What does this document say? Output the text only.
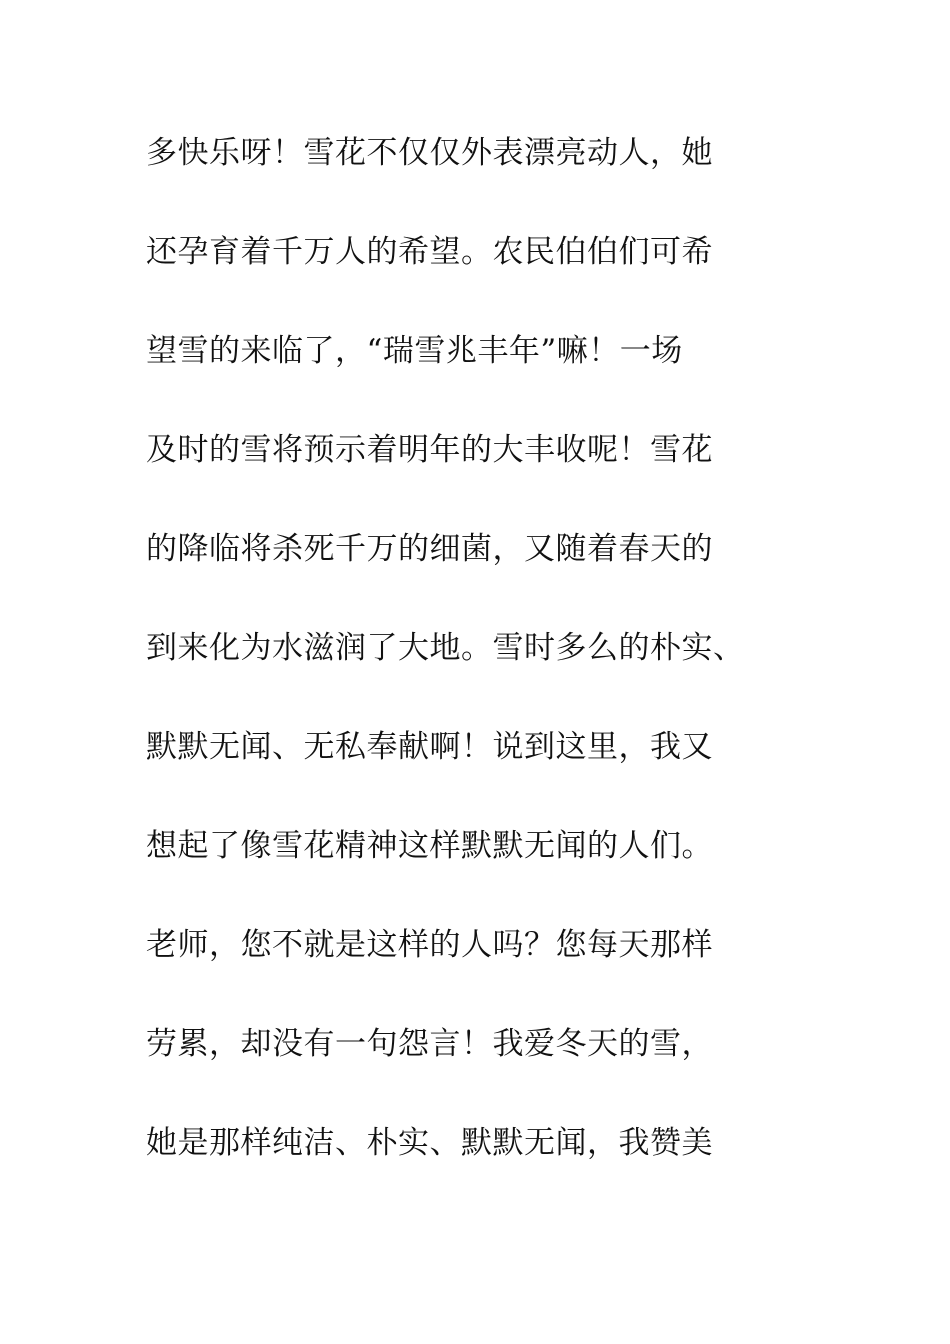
多快乐呀！雪花不仅仅外表漂亮动人，她
还孕育着千万人的希望。农民伯伯们可希
望雪的来临了，“瑞雪兆丰年”嘛！一场
及时的雪将预示着明年的大丰收呢！雪花
的降临将杀死千万的细菌，又随着春天的
到来化为水滋润了大地。雪时多么的朴实、
默默无闻、无私奉献啊！说到这里，我又
想起了像雪花精神这样默默无闻的人们。
老师，您不就是这样的人吗？您每天那样
劳累，却没有一句怨言！我爱冬天的雪，
她是那样纯洁、朴实、默默无闻，我赞美
